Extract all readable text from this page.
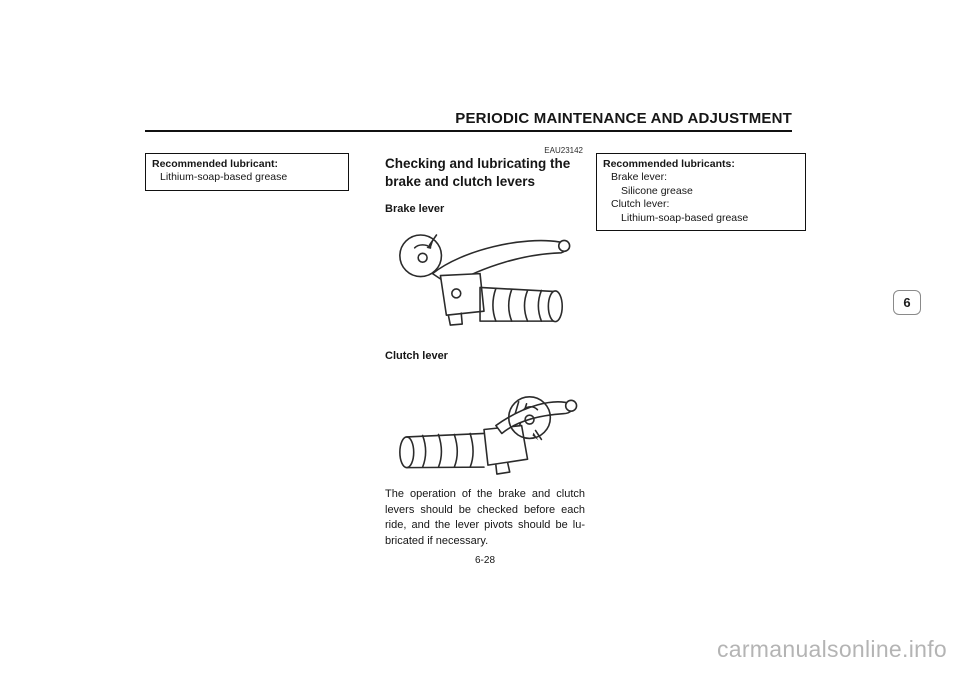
PERIODIC MAINTENANCE AND ADJUSTMENT
Recommended lubricant:
Lithium-soap-based grease
Recommended lubricants:
Brake lever:
Silicone grease
Clutch lever:
Lithium-soap-based grease
EAU23142
Checking and lubricating the brake and clutch levers
Brake lever
Clutch lever
The operation of the brake and clutch
levers should be checked before each
ride, and the lever pivots should be lu-
bricated if necessary.
6-28
6
carmanualsonline.info
